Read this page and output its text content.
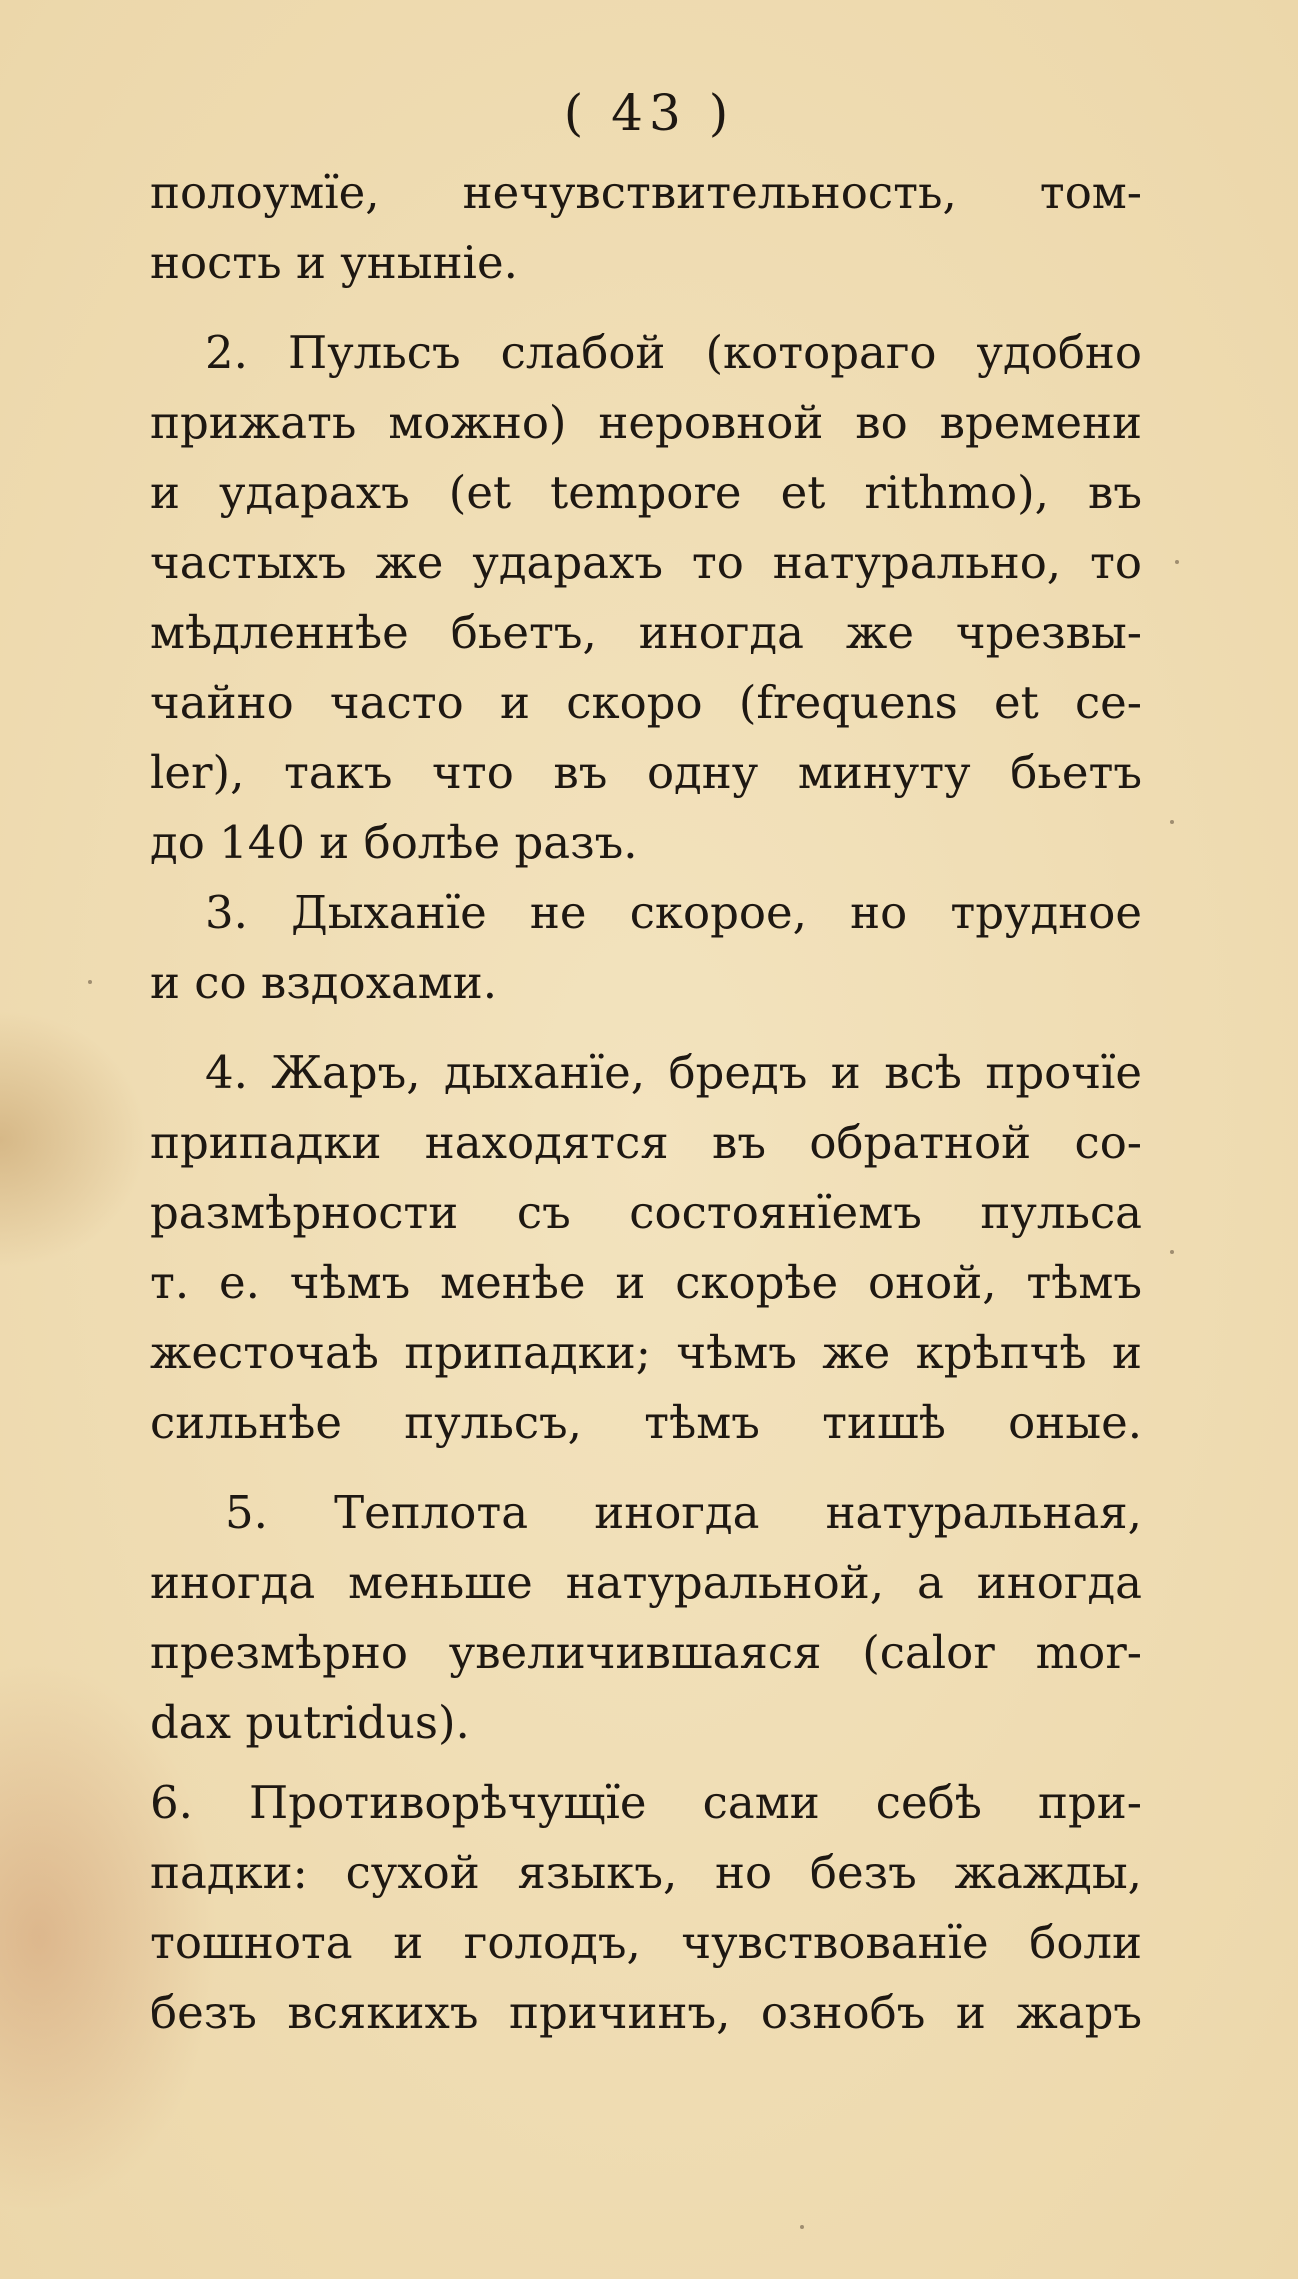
( 43 )
полоумïе, нечувствительность, том-
ность и уныніе.
2. Пульсъ слабой (котораго удобно
прижать можно) неровной во времени
и ударахъ (et tempore et rithmo), въ
частыхъ же ударахъ то натурально, то
мѣдленнѣе бьетъ, иногда же чрезвы-
чайно часто и скоро (frequens et ce-
ler), такъ что въ одну минуту бьетъ
до 140 и болѣе разъ.
3. Дыханïе не скорое, но трудное
и со вздохами.
4. Жаръ, дыханïе, бредъ и всѣ прочïе
припадки находятся въ обратной со-
размѣрности съ состоянïемъ пульса
т. е. чѣмъ менѣе и скорѣе оной, тѣмъ
жесточаѣ припадки; чѣмъ же крѣпчѣ и
сильнѣе пульсъ, тѣмъ тишѣ оные.
5. Теплота иногда натуральная,
иногда меньше натуральной, а иногда
презмѣрно увеличившаяся (calor mor-
dax putridus).
6. Противорѣчущïе сами себѣ при-
падки: сухой языкъ, но безъ жажды,
тошнота и голодъ, чувствованïе боли
безъ всякихъ причинъ, ознобъ и жаръ
